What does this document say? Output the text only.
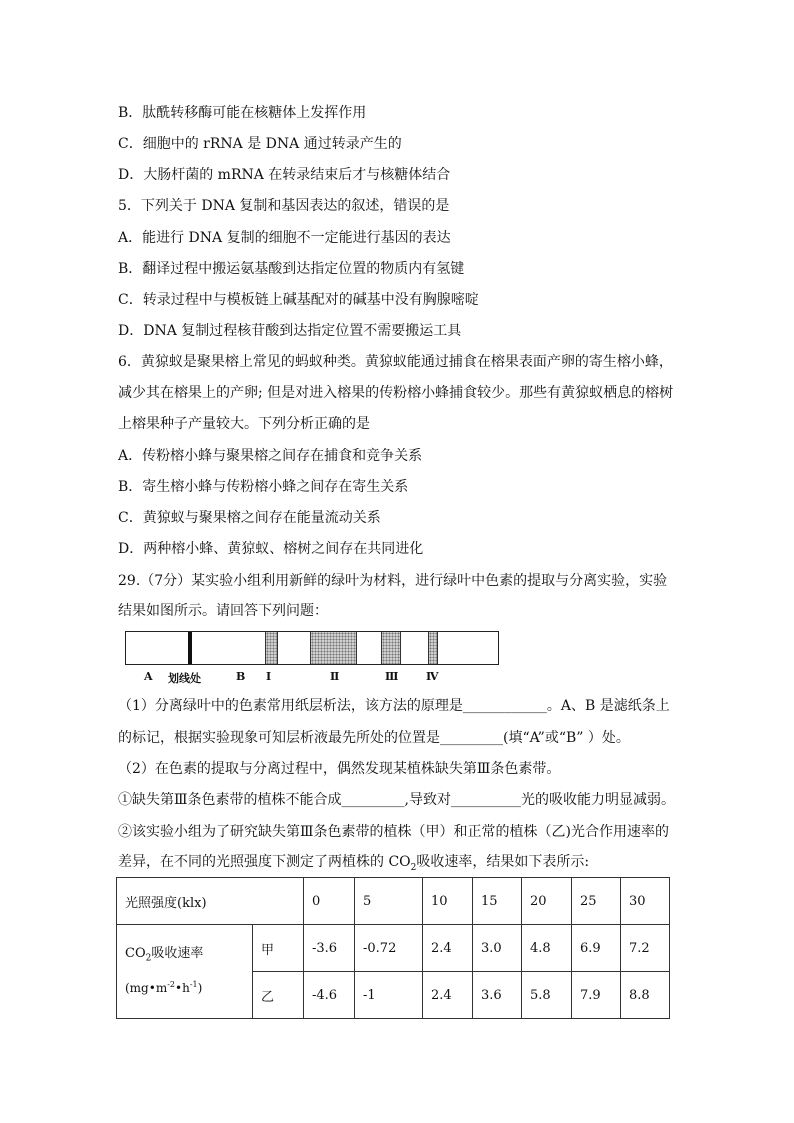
B．肽酰转移酶可能在核糖体上发挥作用
C．细胞中的 rRNA 是 DNA 通过转录产生的
D．大肠杆菌的 mRNA 在转录结束后才与核糖体结合
5．下列关于 DNA 复制和基因表达的叙述，错误的是
A．能进行 DNA 复制的细胞不一定能进行基因的表达
B．翻译过程中搬运氨基酸到达指定位置的物质内有氢键
C．转录过程中与模板链上碱基配对的碱基中没有胸腺嘧啶
D．DNA 复制过程核苷酸到达指定位置不需要搬运工具
6．黄猄蚁是聚果榕上常见的蚂蚁种类。黄猄蚁能通过捕食在榕果表面产卵的寄生榕小蜂，
减少其在榕果上的产卵; 但是对进入榕果的传粉榕小蜂捕食较少。那些有黄猄蚁栖息的榕树
上榕果种子产量较大。下列分析正确的是
A．传粉榕小蜂与聚果榕之间存在捕食和竞争关系
B．寄生榕小蜂与传粉榕小蜂之间存在寄生关系
C．黄猄蚁与聚果榕之间存在能量流动关系
D．两种榕小蜂、黄猄蚁、榕树之间存在共同进化
29.（7分）某实验小组利用新鲜的绿叶为材料，进行绿叶中色素的提取与分离实验，实验
结果如图所示。请回答下列问题：
A 划线处	B Ⅰ	Ⅱ	Ⅲ	Ⅳ
（1）分离绿叶中的色素常用纸层析法，该方法的原理是____________。A、B 是滤纸条上
的标记，根据实验现象可知层析液最先所处的位置是_________(填“A”或“B” ）处。
（2）在色素的提取与分离过程中，偶然发现某植株缺失第Ⅲ条色素带。
①缺失第Ⅲ条色素带的植株不能合成_________,导致对__________光的吸收能力明显减弱。
②该实验小组为了研究缺失第Ⅲ条色素带的植株（甲）和正常的植株（乙)光合作用速率的
差异，在不同的光照强度下测定了两植株的 $CO_2$吸收速率，结果如下表所示:
光照强度(klx)		0	5	10	15	20	25	30
$CO_2$吸收速率
$(mg•m^{-2}•h^{-1})$	甲	-3.6	-0.72	2.4	3.0	4.8	6.9	7.2
	乙	-4.6	-1	2.4	3.6	5.8	7.9	8.8
